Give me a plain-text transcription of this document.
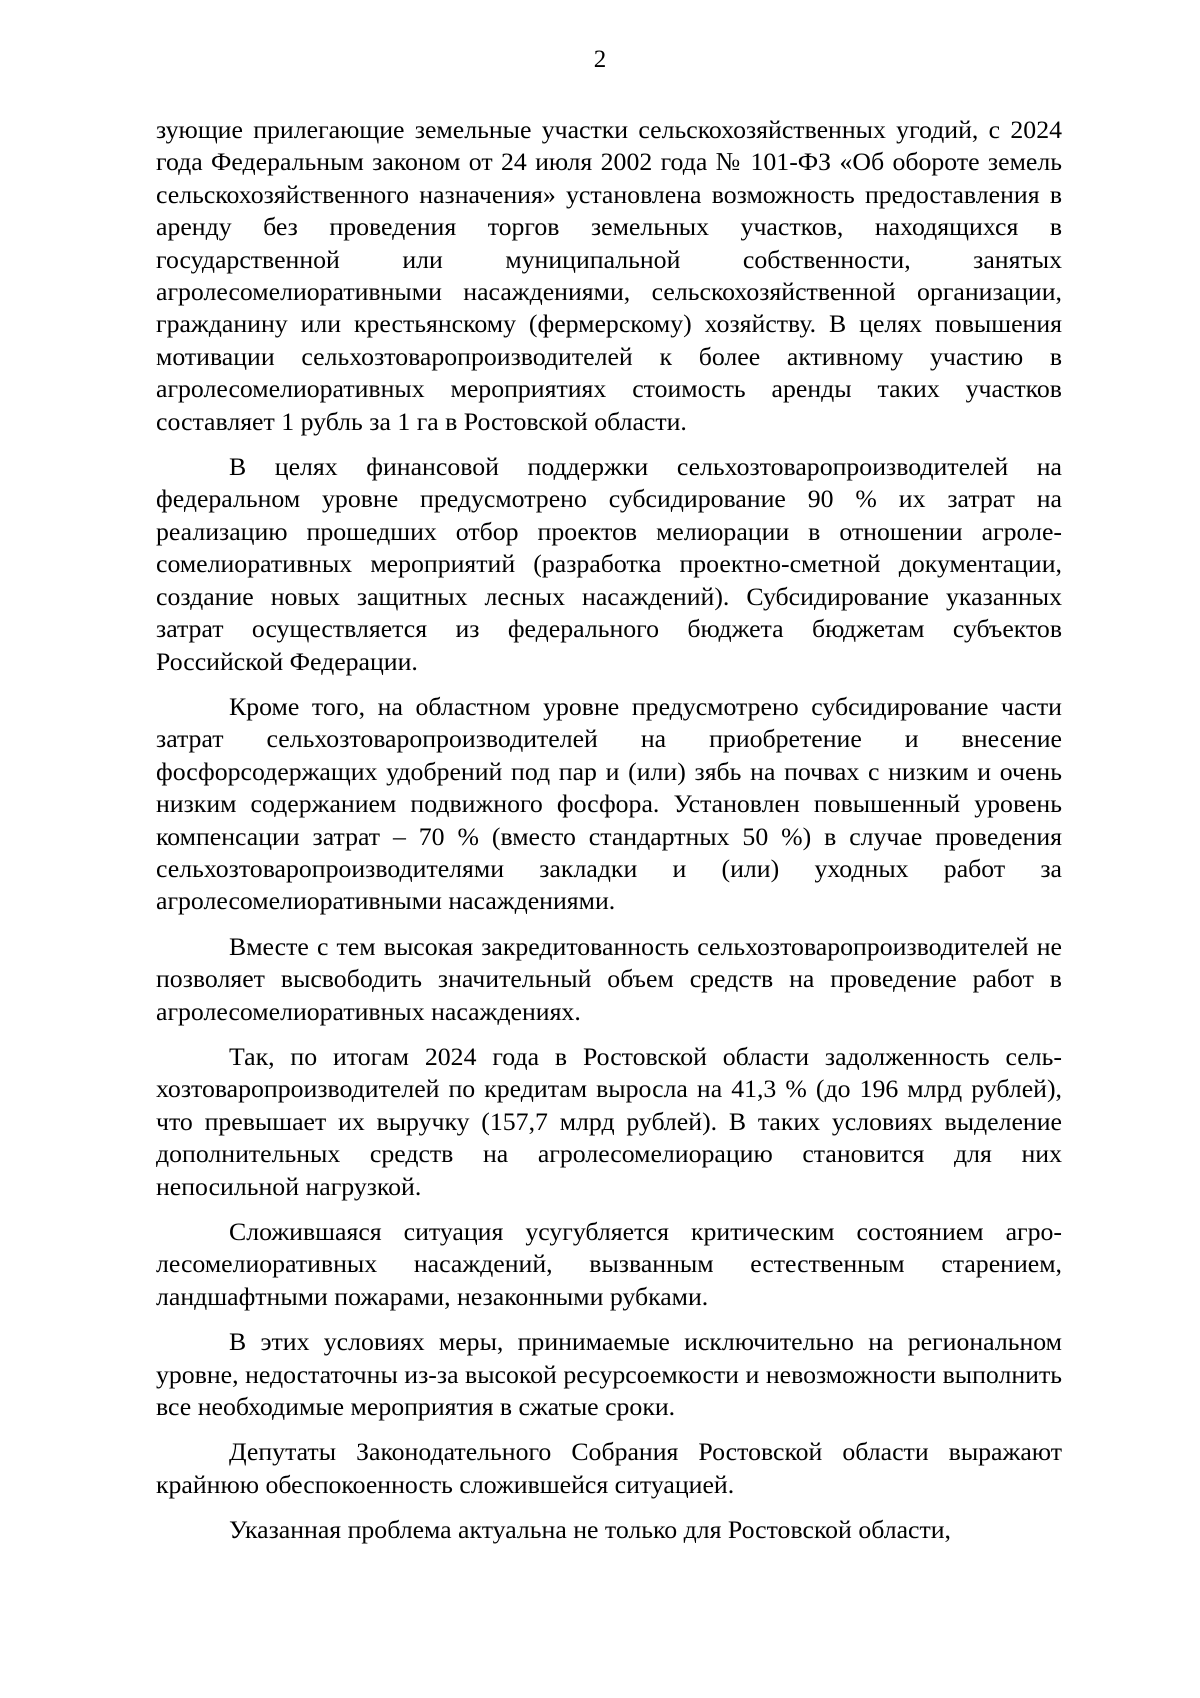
2

зующие прилегающие земельные участки сельскохозяйственных угодий, с 2024 года Федеральным законом от 24 июля 2002 года № 101-ФЗ «Об обороте земель сельскохозяйственного назначения» установлена возможность предоставления в аренду без проведения торгов земельных участков, находящихся в государственной или муниципальной собственности, занятых агролесомелиоративными насаждениями, сельскохозяйственной организации, гражданину или крестьянскому (фермерскому) хозяйству. В целях повышения мотивации сельхозтоваропроизводителей к более активному участию в агролесомелиоративных мероприятиях стоимость аренды таких участков составляет 1 рубль за 1 га в Ростовской области.

В целях финансовой поддержки сельхозтоваропроизводителей на федеральном уровне предусмотрено субсидирование 90 % их затрат на реализацию прошедших отбор проектов мелиорации в отношении агролесомелиоративных мероприятий (разработка проектно-сметной документации, создание новых защитных лесных насаждений). Субсидирование указанных затрат осуществляется из федерального бюджета бюджетам субъектов Российской Федерации.

Кроме того, на областном уровне предусмотрено субсидирование части затрат сельхозтоваропроизводителей на приобретение и внесение фосфорсодержащих удобрений под пар и (или) зябь на почвах с низким и очень низким содержанием подвижного фосфора. Установлен повышенный уровень компенсации затрат – 70 % (вместо стандартных 50 %) в случае проведения сельхозтоваропроизводителями закладки и (или) уходных работ за агролесомелиоративными насаждениями.

Вместе с тем высокая закредитованность сельхозтоваропроизводителей не позволяет высвободить значительный объем средств на проведение работ в агролесомелиоративных насаждениях.

Так, по итогам 2024 года в Ростовской области задолженность сельхозтоваропроизводителей по кредитам выросла на 41,3 % (до 196 млрд рублей), что превышает их выручку (157,7 млрд рублей). В таких условиях выделение дополнительных средств на агролесомелиорацию становится для них непосильной нагрузкой.

Сложившаяся ситуация усугубляется критическим состоянием агролесомелиоративных насаждений, вызванным естественным старением, ландшафтными пожарами, незаконными рубками.

В этих условиях меры, принимаемые исключительно на региональном уровне, недостаточны из-за высокой ресурсоемкости и невозможности выполнить все необходимые мероприятия в сжатые сроки.

Депутаты Законодательного Собрания Ростовской области выражают крайнюю обеспокоенность сложившейся ситуацией.

Указанная проблема актуальна не только для Ростовской области,
